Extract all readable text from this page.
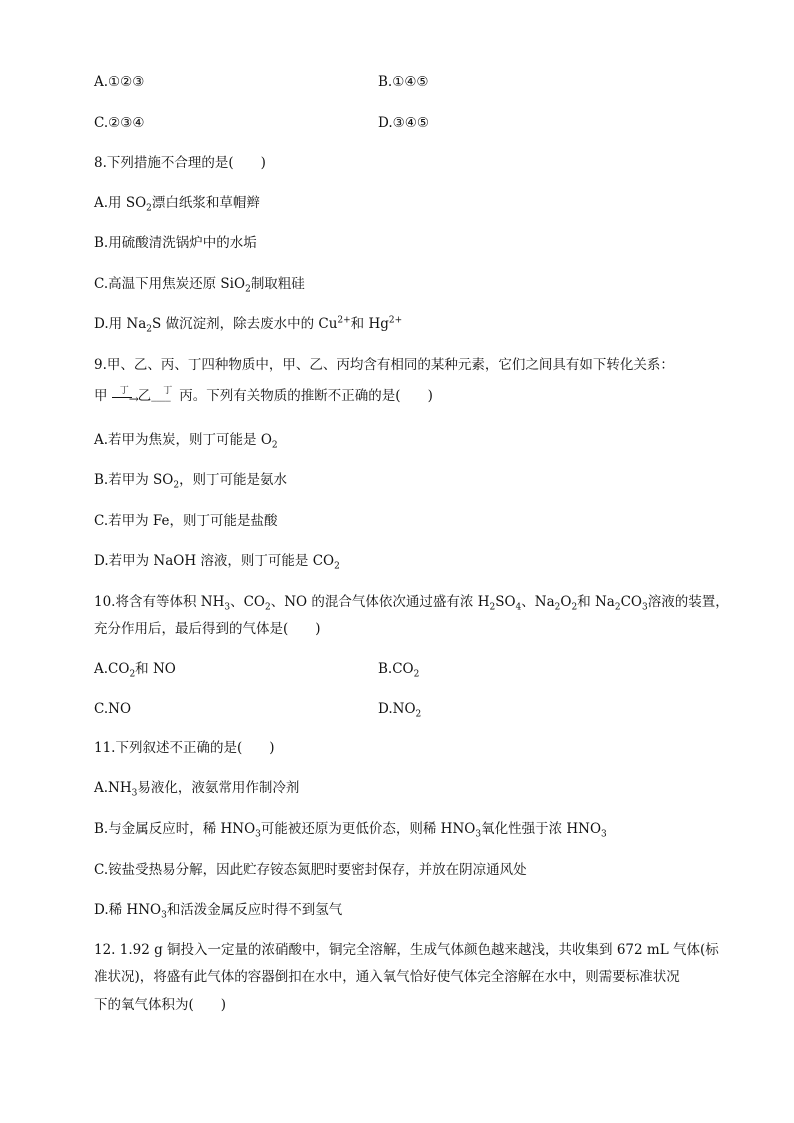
A.①②③	B.①④⑤
C.②③④	D.③④⑤
8.下列措施不合理的是(　　)
A.用 $SO_2$漂白纸浆和草帽辫
B.用硫酸清洗锅炉中的水垢
C.高温下用焦炭还原 SiO$_2$制取粗硅
D.用 $Na_2S$ 做沉淀剂，除去废水中的 $Cu^{2+}$和 $Hg^{2+}$
9.甲、乙、丙、丁四种物质中，甲、乙、丙均含有相同的某种元素，它们之间具有如下转化关系：
甲 丁
→
乙 丁
━━━━ 丙。下列有关物质的推断不正确的是(　　)
A.若甲为焦炭，则丁可能是 $O_2$
B.若甲为 $SO_2$，则丁可能是氨水
C.若甲为 Fe，则丁可能是盐酸
D.若甲为 NaOH 溶液，则丁可能是 $CO_2$
10.将含有等体积 $NH_3$、$CO_2$、NO 的混合气体依次通过盛有浓 $H_2SO_4$、$Na_2O_2$和 $Na_2CO_3$溶液的装置，
充分作用后，最后得到的气体是(　　)
$A.CO_2$和 NO	$B.CO_2$
C.NO	$D.NO_2$
11.下列叙述不正确的是(　　)
$A.NH_3$易液化，液氨常用作制冷剂
B.与金属反应时，稀 $HNO_3$可能被还原为更低价态，则稀 $HNO_3$氧化性强于浓 $HNO_3$
C.铵盐受热易分解，因此贮存铵态氮肥时要密封保存，并放在阴凉通风处
D.稀 $HNO_3$和活泼金属反应时得不到氢气
12. 1.92 g 铜投入一定量的浓硝酸中，铜完全溶解，生成气体颜色越来越浅，共收集到 672 mL 气体(标
准状况)，将盛有此气体的容器倒扣在水中，通入氧气恰好使气体完全溶解在水中，则需要标准状况
下的氧气体积为(　　)
